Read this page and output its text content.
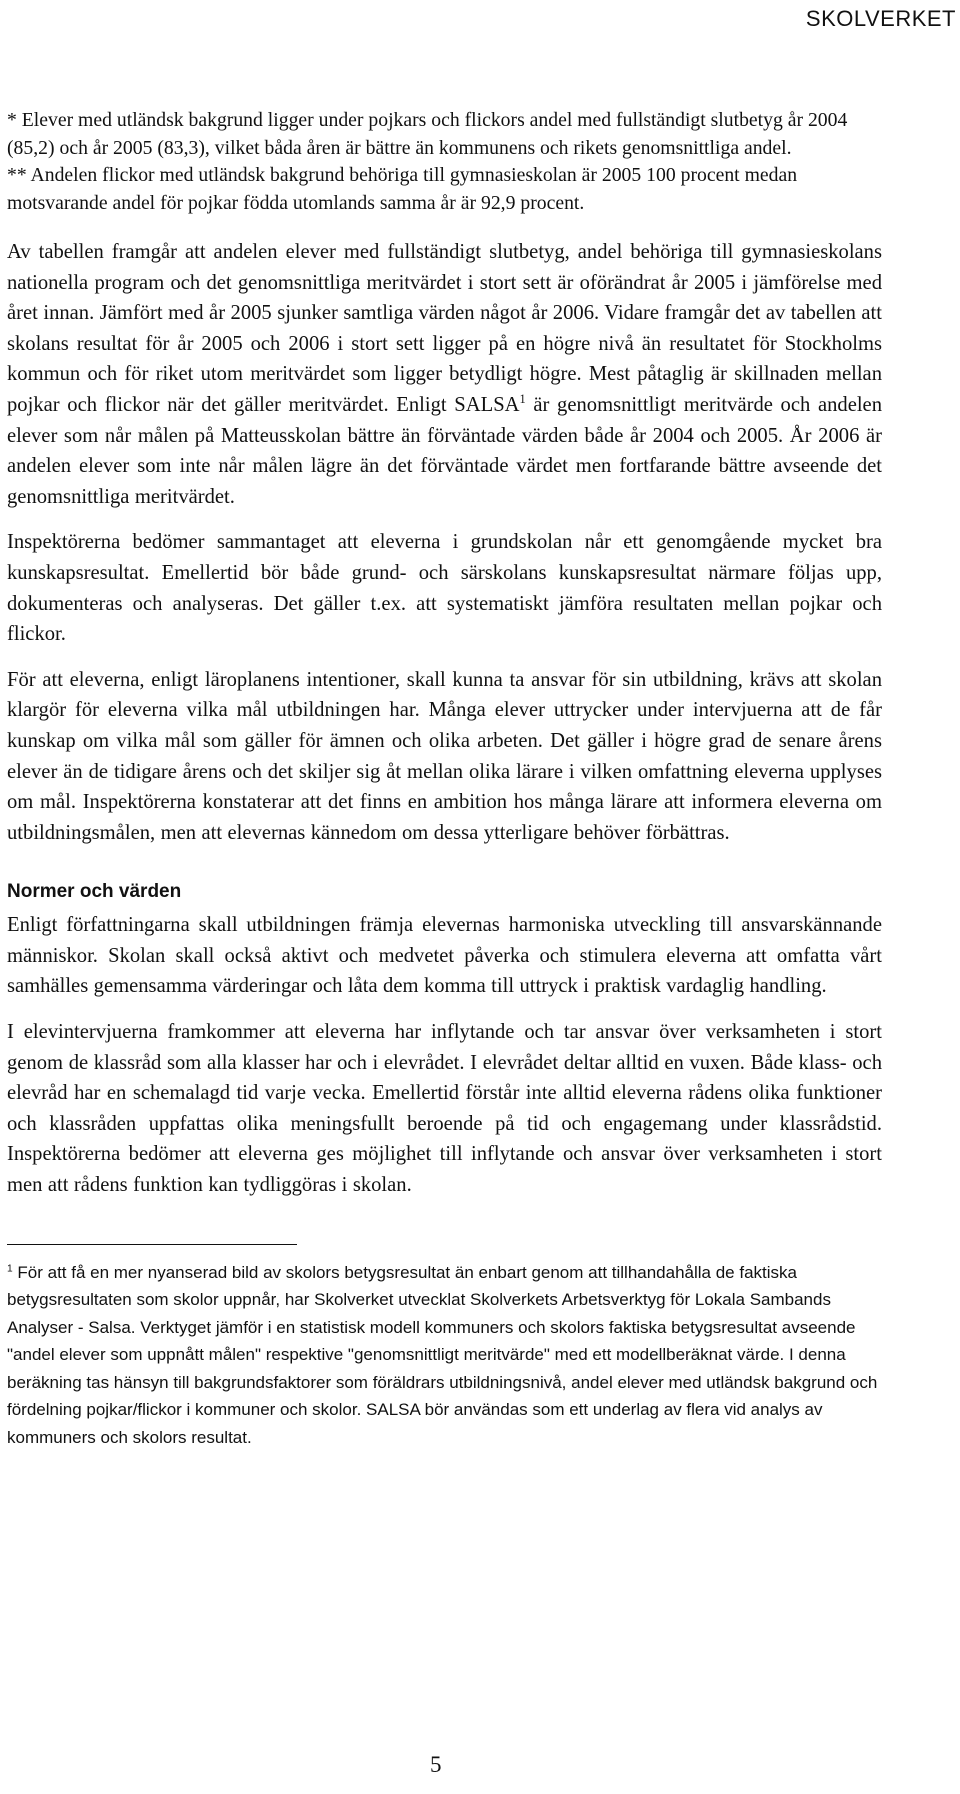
SKOLVERKET

* Elever med utländsk bakgrund ligger under pojkars och flickors andel med fullständigt slutbetyg år 2004 (85,2) och år 2005 (83,3), vilket båda åren är bättre än kommunens och rikets genomsnittliga andel.

** Andelen flickor med utländsk bakgrund behöriga till gymnasieskolan är 2005 100 procent medan motsvarande andel för pojkar födda utomlands samma år är 92,9 procent.

Av tabellen framgår att andelen elever med fullständigt slutbetyg, andel behöriga till gymnasieskolans nationella program och det genomsnittliga meritvärdet i stort sett är oförändrat år 2005 i jämförelse med året innan. Jämfört med år 2005 sjunker samtliga värden något år 2006. Vidare framgår det av tabellen att skolans resultat för år 2005 och 2006 i stort sett ligger på en högre nivå än resultatet för Stockholms kommun och för riket utom meritvärdet som ligger betydligt högre. Mest påtaglig är skillnaden mellan pojkar och flickor när det gäller meritvärdet. Enligt SALSA$^1$ är genomsnittligt meritvärde och andelen elever som når målen på Matteusskolan bättre än förväntade värden både år 2004 och 2005. År 2006 är andelen elever som inte når målen lägre än det förväntade värdet men fortfarande bättre avseende det genomsnittliga meritvärdet.

Inspektörerna bedömer sammantaget att eleverna i grundskolan når ett genomgående mycket bra kunskapsresultat. Emellertid bör både grund- och särskolans kunskapsresultat närmare följas upp, dokumenteras och analyseras. Det gäller t.ex. att systematiskt jämföra resultaten mellan pojkar och flickor.

För att eleverna, enligt läroplanens intentioner, skall kunna ta ansvar för sin utbildning, krävs att skolan klargör för eleverna vilka mål utbildningen har. Många elever uttrycker under intervjuerna att de får kunskap om vilka mål som gäller för ämnen och olika arbeten. Det gäller i högre grad de senare årens elever än de tidigare årens och det skiljer sig åt mellan olika lärare i vilken omfattning eleverna upplyses om mål. Inspektörerna konstaterar att det finns en ambition hos många lärare att informera eleverna om utbildningsmålen, men att elevernas kännedom om dessa ytterligare behöver förbättras.

Normer och värden

Enligt författningarna skall utbildningen främja elevernas harmoniska utveckling till ansvarskännande människor. Skolan skall också aktivt och medvetet påverka och stimulera eleverna att omfatta vårt samhälles gemensamma värderingar och låta dem komma till uttryck i praktisk vardaglig handling.

I elevintervjuerna framkommer att eleverna har inflytande och tar ansvar över verksamheten i stort genom de klassråd som alla klasser har och i elevrådet. I elevrådet deltar alltid en vuxen. Både klass- och elevråd har en schemalagd tid varje vecka. Emellertid förstår inte alltid eleverna rådens olika funktioner och klassråden uppfattas olika meningsfullt beroende på tid och engagemang under klassrådstid. Inspektörerna bedömer att eleverna ges möjlighet till inflytande och ansvar över verksamheten i stort men att rådens funktion kan tydliggöras i skolan.

$^1$ För att få en mer nyanserad bild av skolors betygsresultat än enbart genom att tillhandahålla de faktiska betygsresultaten som skolor uppnår, har Skolverket utvecklat Skolverkets Arbetsverktyg för Lokala Sambands Analyser - Salsa. Verktyget jämför i en statistisk modell kommuners och skolors faktiska betygsresultat avseende "andel elever som uppnått målen" respektive "genomsnittligt meritvärde" med ett modellberäknat värde. I denna beräkning tas hänsyn till bakgrundsfaktorer som föräldrars utbildningsnivå, andel elever med utländsk bakgrund och fördelning pojkar/flickor i kommuner och skolor. SALSA bör användas som ett underlag av flera vid analys av kommuners och skolors resultat.

5
